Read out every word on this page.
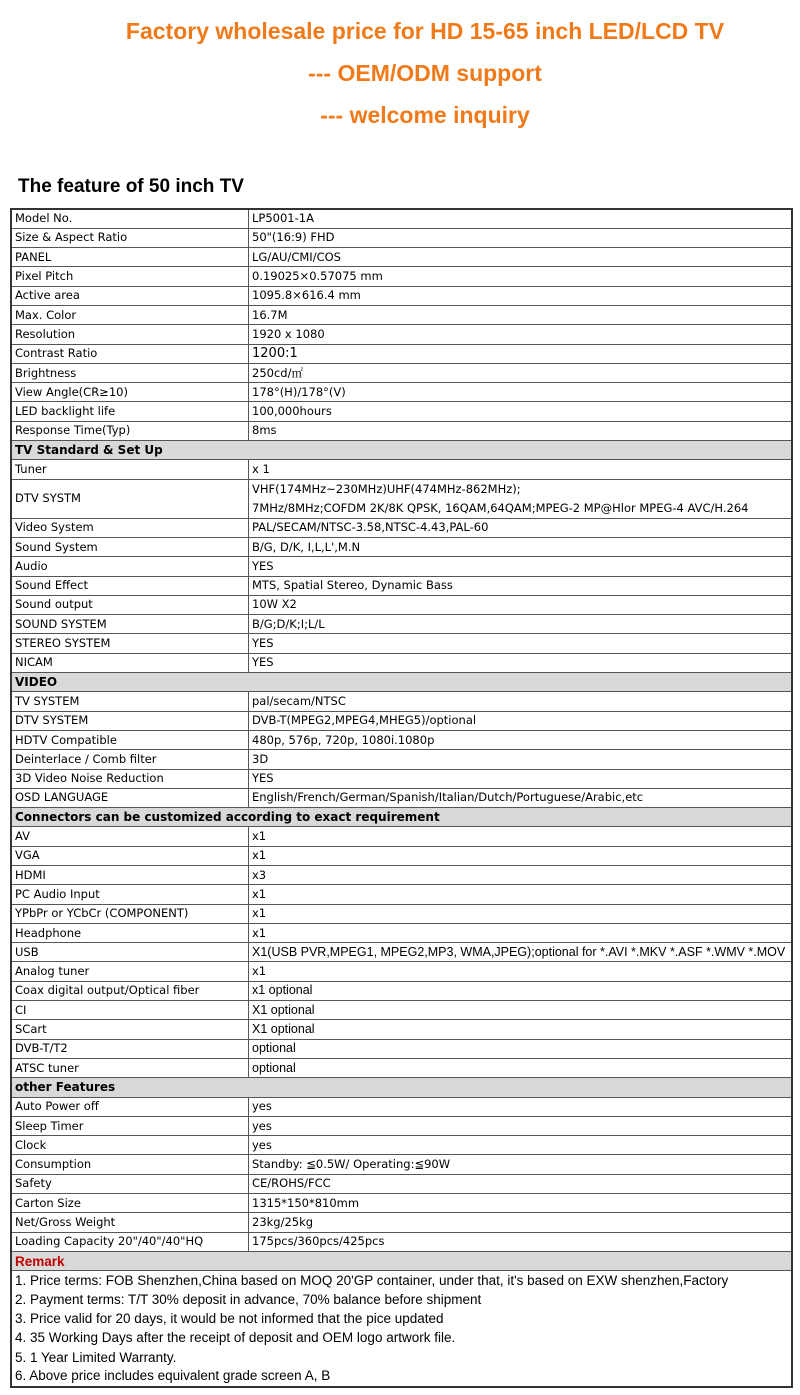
Factory wholesale price for HD 15-65 inch LED/LCD TV
--- OEM/ODM support
--- welcome inquiry
The feature of 50 inch TV
Model No.	LP5001-1A
Size & Aspect Ratio	50"(16:9) FHD
PANEL	LG/AU/CMI/COS
Pixel Pitch	0.19025×0.57075 mm
Active area	1095.8×616.4 mm
Max. Color	16.7M
Resolution	1920 x 1080
Contrast Ratio	1200:1
Brightness	250cd/㎡
View Angle(CR≥10)	178°(H)/178°(V)
LED backlight life	100,000hours
Response Time(Typ)	8ms
TV Standard & Set Up	
Tuner	x 1
DTV SYSTM	VHF(174MHz~230MHz)UHF(474MHz-862MHz);
7MHz/8MHz;COFDM 2K/8K QPSK, 16QAM,64QAM;MPEG-2 MP@Hlor MPEG-4 AVC/H.264

Video System	PAL/SECAM/NTSC-3.58,NTSC-4.43,PAL-60
Sound System	B/G, D/K, I,L,L',M.N
Audio	YES
Sound Effect	MTS, Spatial Stereo, Dynamic Bass
Sound output	10W X2
SOUND SYSTEM	B/G;D/K;I;L/L
STEREO SYSTEM	YES
NICAM	YES
VIDEO	
TV SYSTEM	pal/secam/NTSC
DTV SYSTEM	DVB-T(MPEG2,MPEG4,MHEG5)/optional
HDTV Compatible	480p, 576p, 720p, 1080i.1080p
Deinterlace / Comb filter	3D
3D Video Noise Reduction	YES
OSD LANGUAGE	English/French/German/Spanish/Italian/Dutch/Portuguese/Arabic,etc
Connectors can be customized according to exact requirement	
AV	x1
VGA	x1
HDMI	x3
PC Audio Input	x1
YPbPr or YCbCr (COMPONENT)	x1
Headphone	x1
USB	X1(USB PVR,MPEG1, MPEG2,MP3, WMA,JPEG);optional for *.AVI *.MKV *.ASF *.WMV *.MOV
Analog tuner	x1
Coax digital output/Optical fiber	x1 optional
CI	X1 optional
SCart	X1 optional
DVB-T/T2	optional
ATSC tuner	optional
other Features	
Auto Power off	yes
Sleep Timer	yes
Clock	yes
Consumption	Standby: ≦0.5W/ Operating:≦90W
Safety	CE/ROHS/FCC
Carton Size	1315*150*810mm
Net/Gross Weight	23kg/25kg
Loading Capacity 20"/40"/40"HQ	175pcs/360pcs/425pcs
Remark	
1. Price terms: FOB Shenzhen,China based on MOQ 20'GP container, under that, it's based on EXW shenzhen,Factory	
2. Payment terms: T/T 30% deposit in advance, 70% balance before shipment	
3. Price valid for 20 days, it would be not informed that the pice updated	
4. 35 Working Days after the receipt of deposit and OEM logo artwork file.	
5. 1 Year Limited Warranty.	
6. Above price includes equivalent grade screen A, B	
